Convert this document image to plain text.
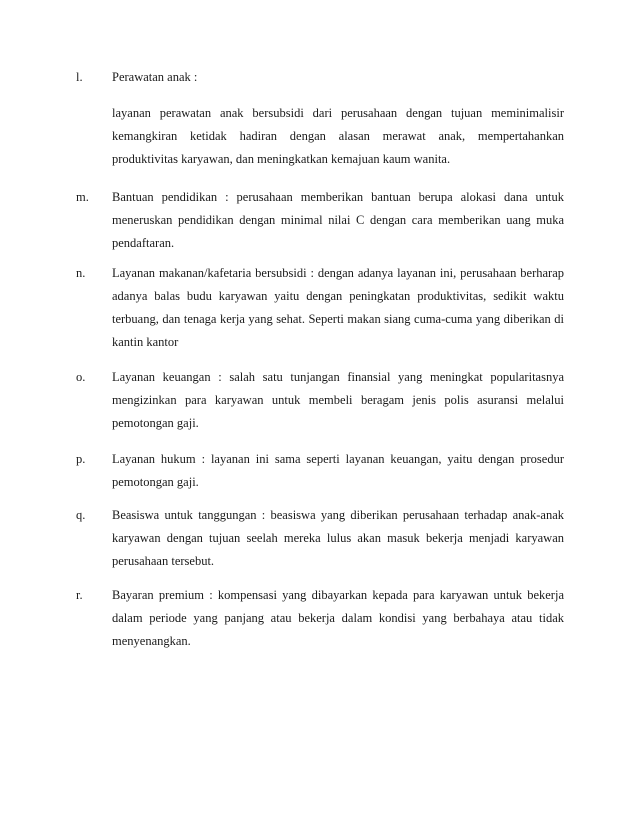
l. Perawatan anak :
layanan perawatan anak bersubsidi dari perusahaan dengan tujuan meminimalisir kemangkiran ketidak hadiran dengan alasan merawat anak, mempertahankan produktivitas karyawan, dan meningkatkan kemajuan kaum wanita.
m. Bantuan pendidikan : perusahaan memberikan bantuan berupa alokasi dana untuk meneruskan pendidikan dengan minimal nilai C dengan cara memberikan uang muka pendaftaran.
n. Layanan makanan/kafetaria bersubsidi : dengan adanya layanan ini, perusahaan berharap adanya balas budu karyawan yaitu dengan peningkatan produktivitas, sedikit waktu terbuang, dan tenaga kerja yang sehat. Seperti makan siang cuma-cuma yang diberikan di kantin kantor
o. Layanan keuangan : salah satu tunjangan finansial yang meningkat popularitasnya mengizinkan para karyawan untuk membeli beragam jenis polis asuransi melalui pemotongan gaji.
p. Layanan hukum : layanan ini sama seperti layanan keuangan, yaitu dengan prosedur pemotongan gaji.
q. Beasiswa untuk tanggungan : beasiswa yang diberikan perusahaan terhadap anak-anak karyawan dengan tujuan seelah mereka lulus akan masuk bekerja menjadi karyawan perusahaan tersebut.
r. Bayaran premium : kompensasi yang dibayarkan kepada para karyawan untuk bekerja dalam periode yang panjang atau bekerja dalam kondisi yang berbahaya atau tidak menyenangkan.
